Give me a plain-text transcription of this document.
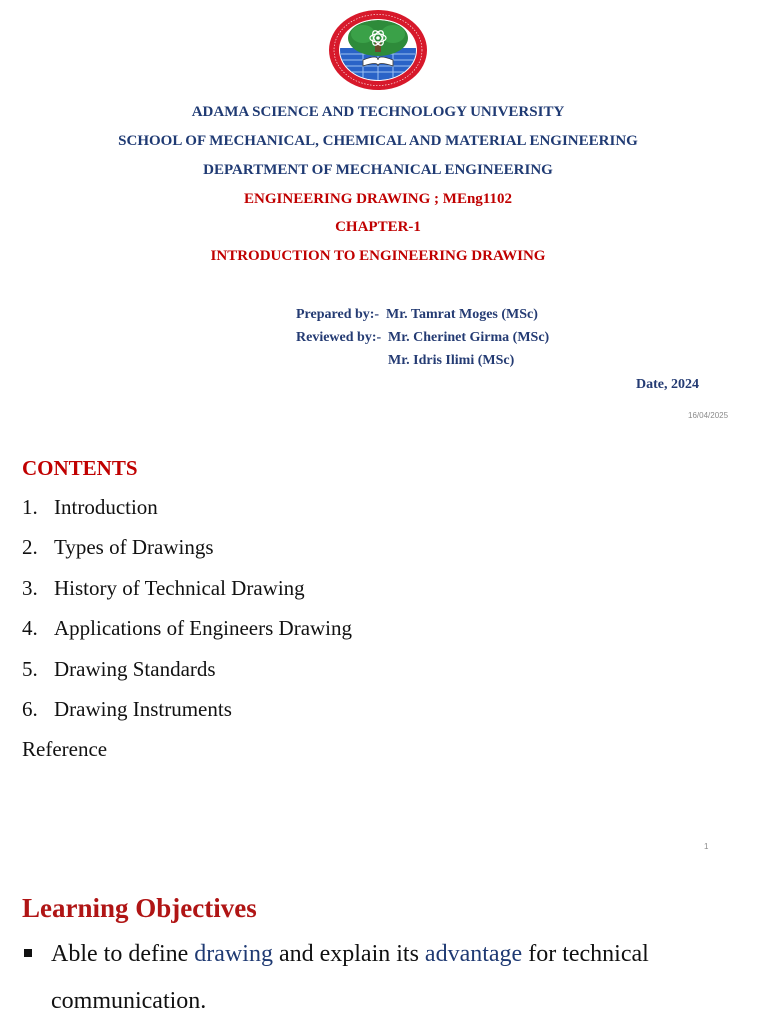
ADAMA SCIENCE AND TECHNOLOGY UNIVERSITY
SCHOOL OF MECHANICAL, CHEMICAL AND MATERIAL ENGINEERING
DEPARTMENT OF MECHANICAL ENGINEERING
ENGINEERING DRAWING ; MEng1102
CHAPTER-1
INTRODUCTION TO ENGINEERING DRAWING
Prepared by:- Mr. Tamrat Moges (MSc)
Reviewed by:- Mr. Cherinet Girma (MSc)
Mr. Idris Ilimi (MSc)
Date, 2024
16/04/2025
CONTENTS
1. Introduction
2. Types of Drawings
3. History of Technical Drawing
4. Applications of Engineers Drawing
5. Drawing Standards
6. Drawing Instruments
Reference
1
Learning Objectives
Able to define drawing and explain its advantage for technical
communication.
